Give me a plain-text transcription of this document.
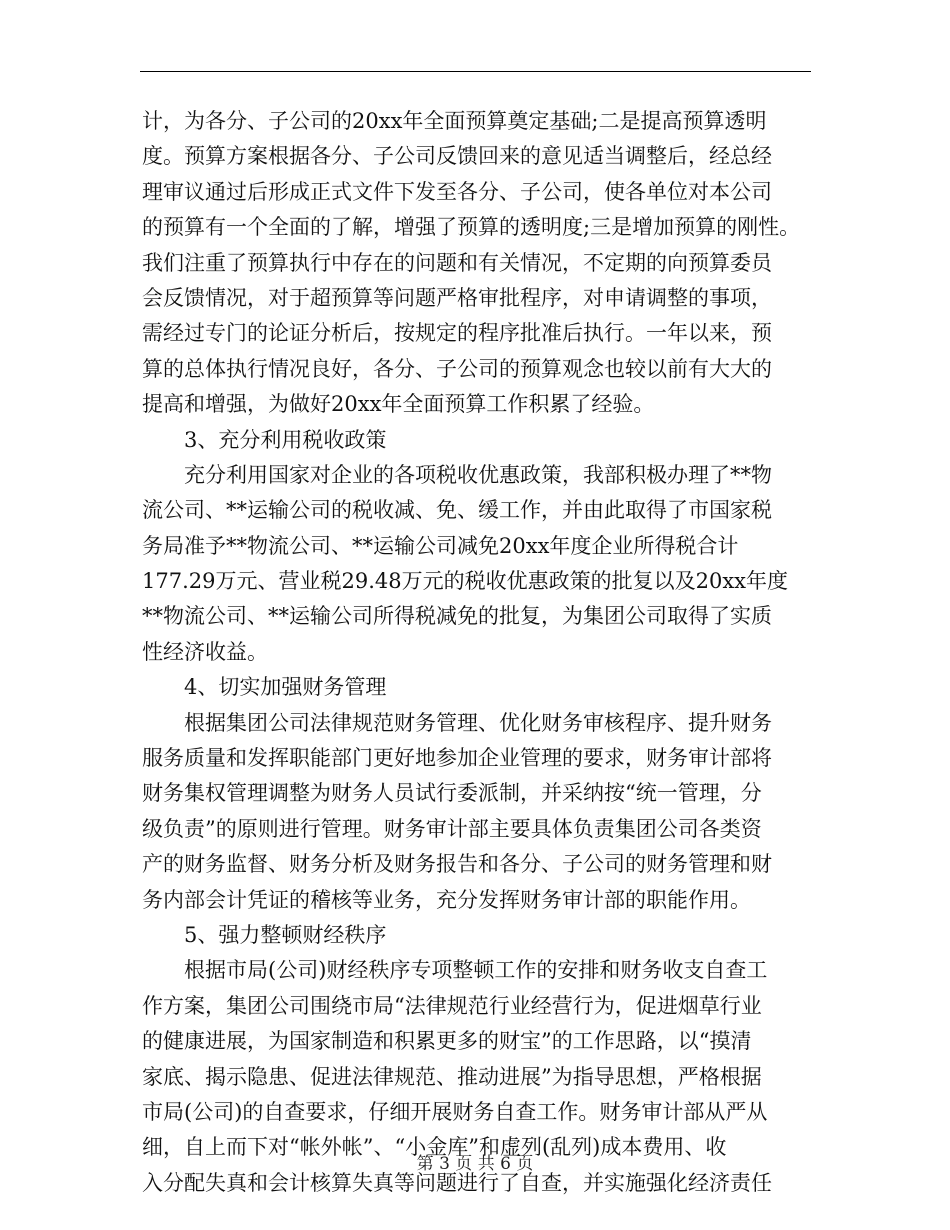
计，为各分、子公司的20xx年全面预算奠定基础;二是提高预算透明
度。预算方案根据各分、子公司反馈回来的意见适当调整后，经总经
理审议通过后形成正式文件下发至各分、子公司，使各单位对本公司
的预算有一个全面的了解，增强了预算的透明度;三是增加预算的刚性。
我们注重了预算执行中存在的问题和有关情况，不定期的向预算委员
会反馈情况，对于超预算等问题严格审批程序，对申请调整的事项，
需经过专门的论证分析后，按规定的程序批准后执行。一年以来，预
算的总体执行情况良好，各分、子公司的预算观念也较以前有大大的
提高和增强，为做好20xx年全面预算工作积累了经验。
3、充分利用税收政策
充分利用国家对企业的各项税收优惠政策，我部积极办理了**物
流公司、**运输公司的税收减、免、缓工作，并由此取得了市国家税
务局准予**物流公司、**运输公司减免20xx年度企业所得税合计
177.29万元、营业税29.48万元的税收优惠政策的批复以及20xx年度
**物流公司、**运输公司所得税减免的批复，为集团公司取得了实质
性经济收益。
4、切实加强财务管理
根据集团公司法律规范财务管理、优化财务审核程序、提升财务
服务质量和发挥职能部门更好地参加企业管理的要求，财务审计部将
财务集权管理调整为财务人员试行委派制，并采纳按“统一管理，分
级负责”的原则进行管理。财务审计部主要具体负责集团公司各类资
产的财务监督、财务分析及财务报告和各分、子公司的财务管理和财
务内部会计凭证的稽核等业务，充分发挥财务审计部的职能作用。
5、强力整顿财经秩序
根据市局(公司)财经秩序专项整顿工作的安排和财务收支自查工
作方案，集团公司围绕市局“法律规范行业经营行为，促进烟草行业
的健康进展，为国家制造和积累更多的财宝”的工作思路，以“摸清
家底、揭示隐患、促进法律规范、推动进展”为指导思想，严格根据
市局(公司)的自查要求，仔细开展财务自查工作。财务审计部从严从
细，自上而下对“帐外帐”、“小金库”和虚列(乱列)成本费用、收
入分配失真和会计核算失真等问题进行了自查，并实施强化经济责任
第 3 页 共 6 页
